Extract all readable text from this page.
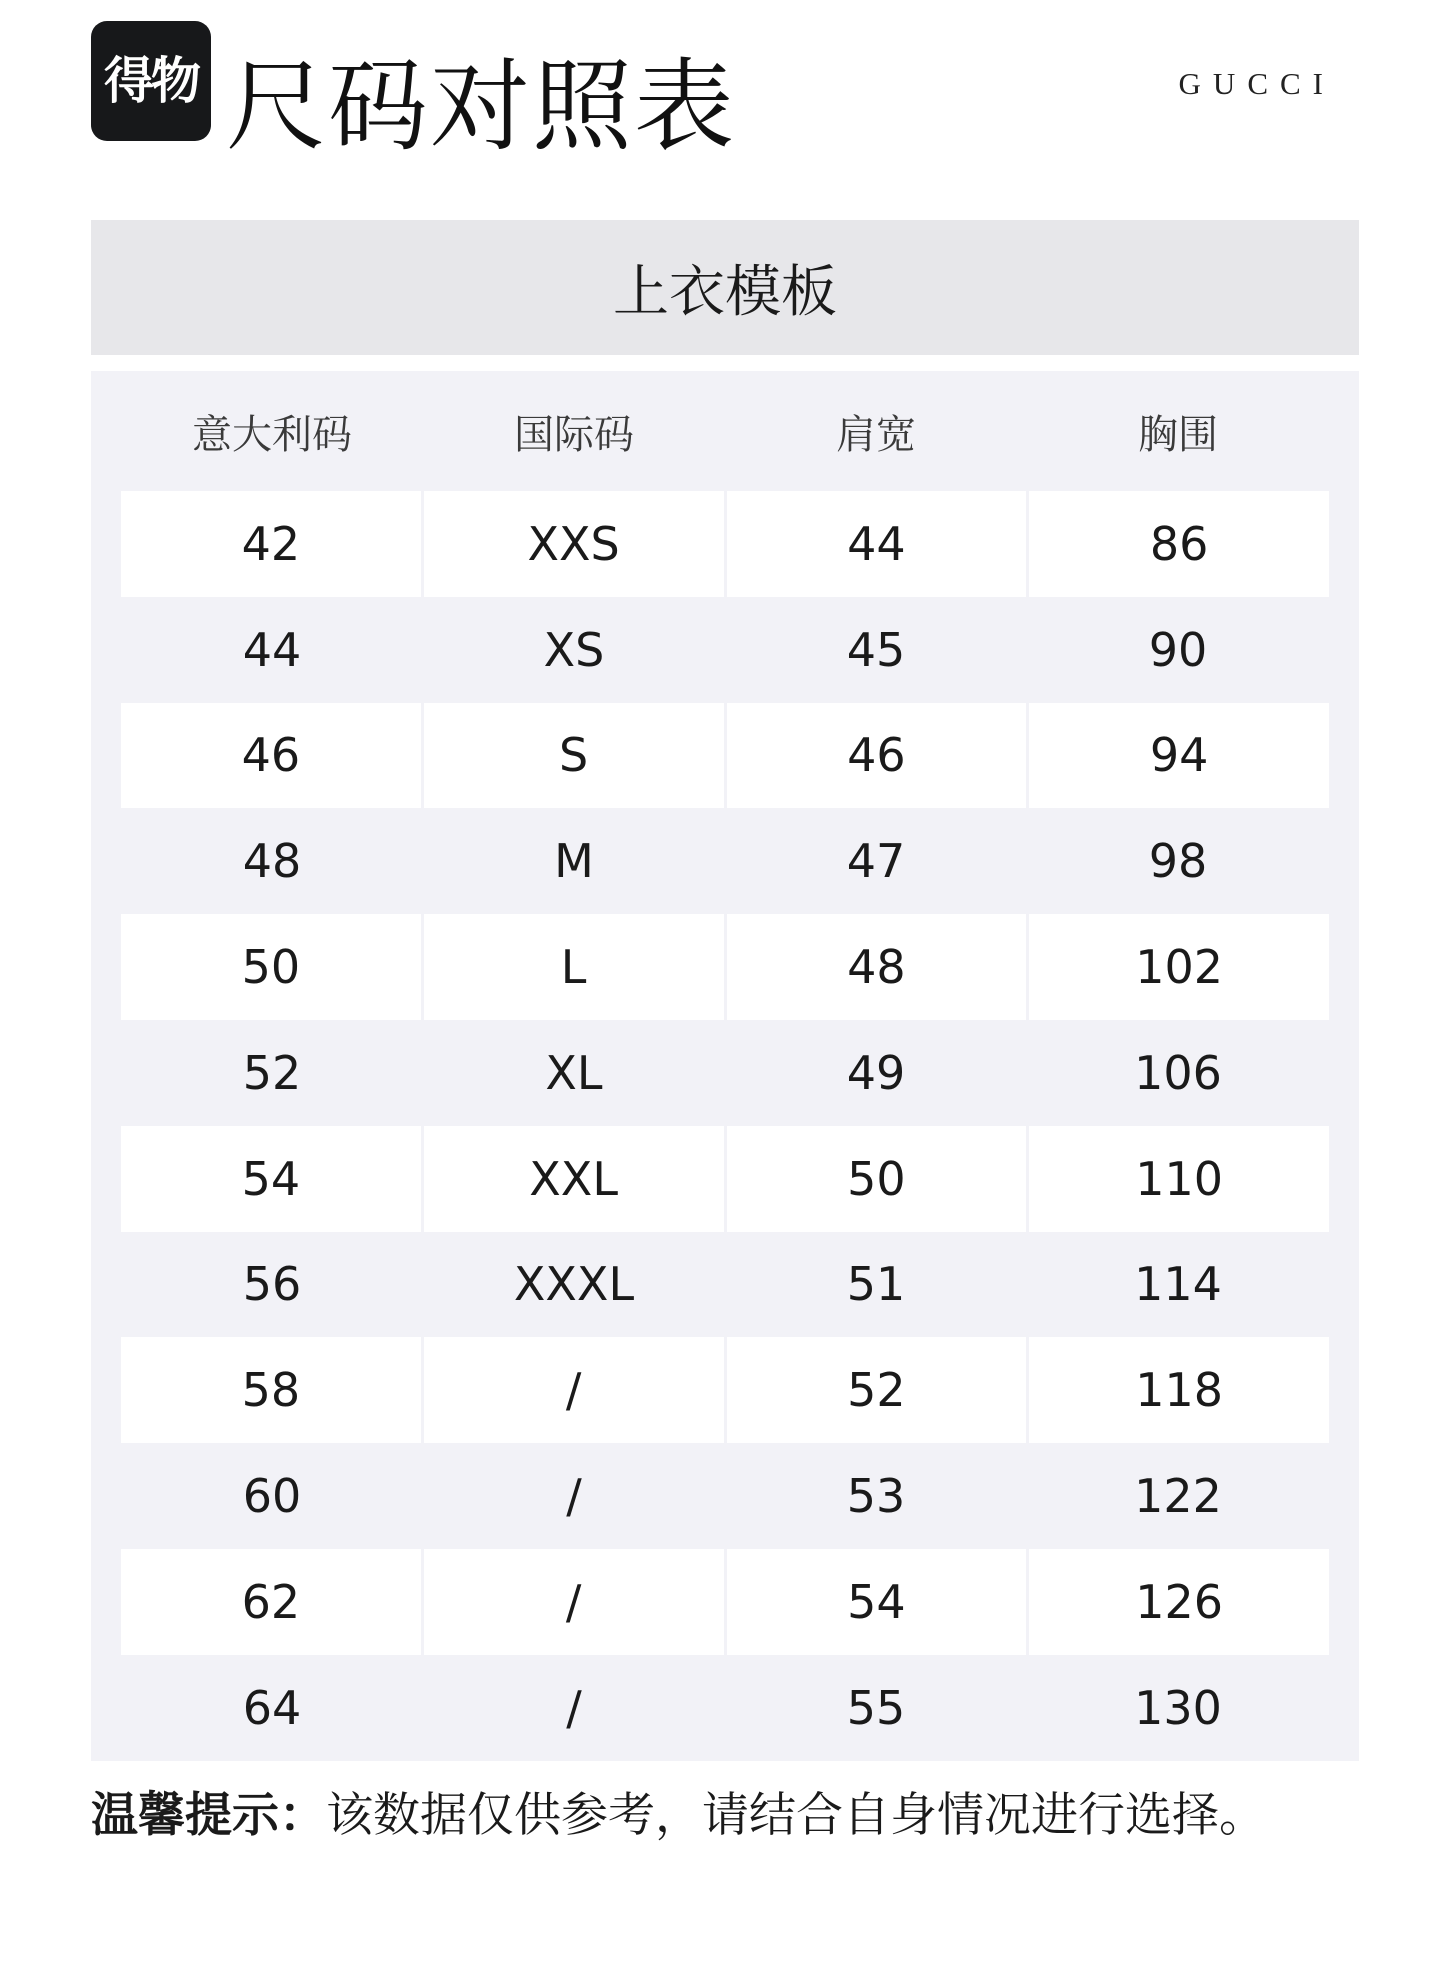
得物 尺码对照表	GUCCI
上衣模板
意大利码	国际码	肩宽	胸围
42	XXS	44	86
44	XS	45	90
46	S	46	94
48	M	47	98
50	L	48	102
52	XL	49	106
54	XXL	50	110
56	XXXL	51	114
58	/	52	118
60	/	53	122
62	/	54	126
64	/	55	130
温馨提示：该数据仅供参考，请结合自身情况进行选择。
